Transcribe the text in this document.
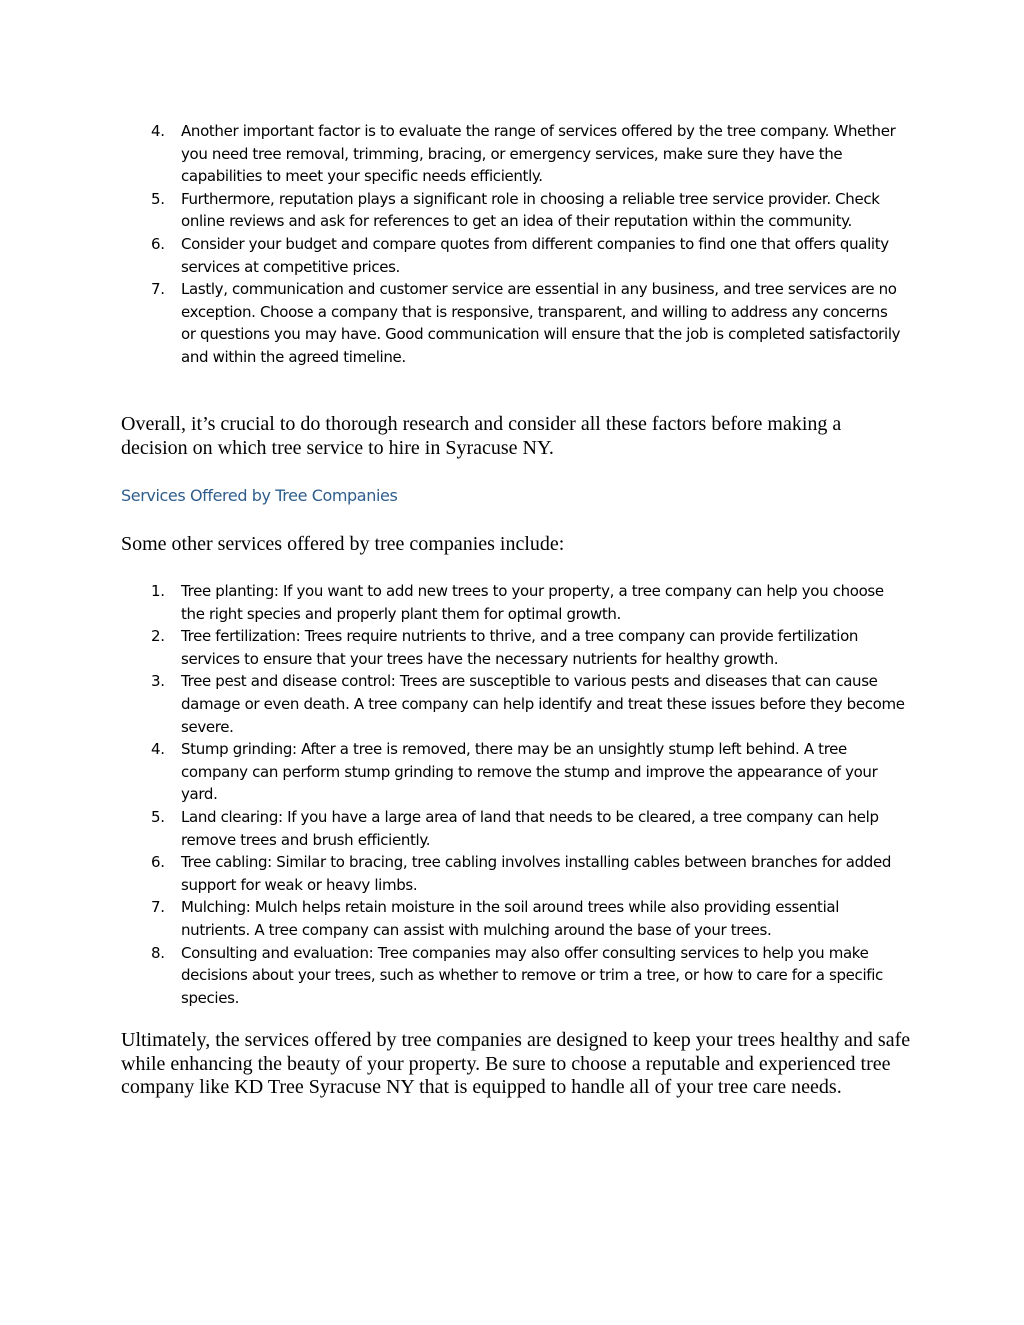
4.	Another important factor is to evaluate the range of services offered by the tree company. Whether you need tree removal, trimming, bracing, or emergency services, make sure they have the capabilities to meet your specific needs efficiently.
5.	Furthermore, reputation plays a significant role in choosing a reliable tree service provider. Check online reviews and ask for references to get an idea of their reputation within the community.
6.	Consider your budget and compare quotes from different companies to find one that offers quality services at competitive prices.
7.	Lastly, communication and customer service are essential in any business, and tree services are no exception. Choose a company that is responsive, transparent, and willing to address any concerns or questions you may have. Good communication will ensure that the job is completed satisfactorily and within the agreed timeline.

Overall, it’s crucial to do thorough research and consider all these factors before making a decision on which tree service to hire in Syracuse NY.

Services Offered by Tree Companies

Some other services offered by tree companies include:

1.	Tree planting: If you want to add new trees to your property, a tree company can help you choose the right species and properly plant them for optimal growth.
2.	Tree fertilization: Trees require nutrients to thrive, and a tree company can provide fertilization services to ensure that your trees have the necessary nutrients for healthy growth.
3.	Tree pest and disease control: Trees are susceptible to various pests and diseases that can cause damage or even death. A tree company can help identify and treat these issues before they become severe.
4.	Stump grinding: After a tree is removed, there may be an unsightly stump left behind. A tree company can perform stump grinding to remove the stump and improve the appearance of your yard.
5.	Land clearing: If you have a large area of land that needs to be cleared, a tree company can help remove trees and brush efficiently.
6.	Tree cabling: Similar to bracing, tree cabling involves installing cables between branches for added support for weak or heavy limbs.
7.	Mulching: Mulch helps retain moisture in the soil around trees while also providing essential nutrients. A tree company can assist with mulching around the base of your trees.
8.	Consulting and evaluation: Tree companies may also offer consulting services to help you make decisions about your trees, such as whether to remove or trim a tree, or how to care for a specific species.

Ultimately, the services offered by tree companies are designed to keep your trees healthy and safe while enhancing the beauty of your property. Be sure to choose a reputable and experienced tree company like KD Tree Syracuse NY that is equipped to handle all of your tree care needs.
